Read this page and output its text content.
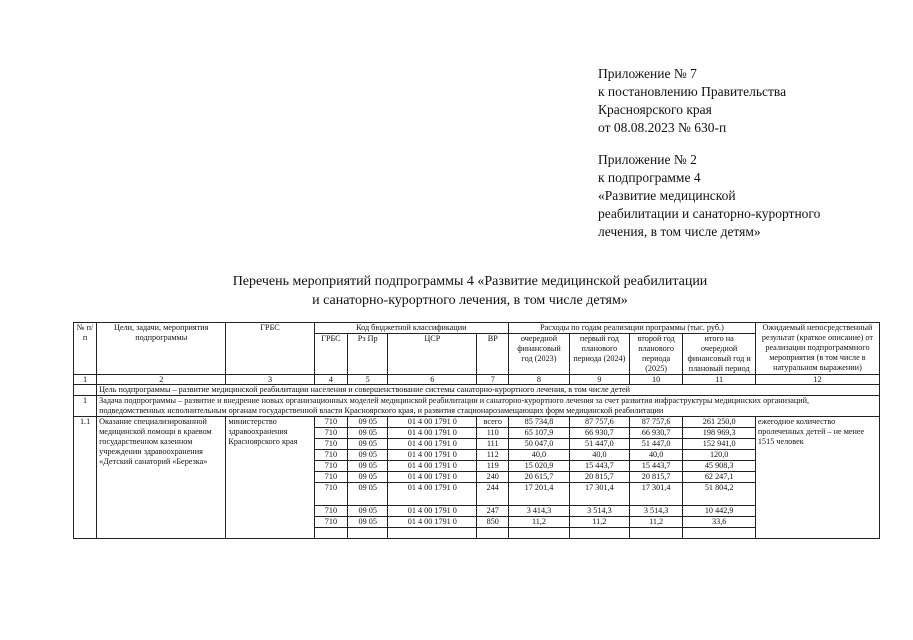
Приложение № 7
к постановлению Правительства
Красноярского края
от 08.08.2023 № 630-п
Приложение № 2
к подпрограмме 4
«Развитие медицинской
реабилитации и санаторно-курортного
лечения, в том числе детям»
Перечень мероприятий подпрограммы 4 «Развитие медицинской реабилитации
и санаторно-курортного лечения, в том числе детям»
№ п/п	Цели, задачи, мероприятия подпрограммы	ГРБС	Код бюджетной классификации				Расходы по годам реализации программы (тыс. руб.)				Ожидаемый непосредственный результат (краткое описание) от реализации подпрограммного мероприятия (в том числе в натуральном выражении)
			ГРБС	Рз Пр	ЦСР	ВР	очередной финансовый год (2023)	первый год планового периода (2024)	второй год планового периода (2025)	итого на очередной финансовый год и плановый период	
1	2	3	4	5	6	7	8	9	10	11	12
	Цель подпрограммы – развитие медицинской реабилитации населения и совершенствование системы санаторно-курортного лечения, в том числе детей										
1	Задача подпрограммы – развитие и внедрение новых организационных моделей медицинской реабилитации и санаторно-курортного лечения за счет развития инфраструктуры медицинских организаций, подведомственных исполнительным органам государственной власти Красноярского края, и развития стационарозамещающих форм медицинской реабилитации										
1.1	Оказание специализированной медицинской помощи в краевом государственном казенном учреждении здравоохранения «Детский санаторий «Березка»	министерство здравоохранения Красноярского края	710	09 05	01 4 00 1791 0	всего	85 734,8	87 757,6	87 757,6	261 250,0	ежегодное количество пролеченных детей – не менее 1515 человек
			710	09 05	01 4 00 1791 0	110	65 107,9	66 930,7	66 930,7	198 969,3	
			710	09 05	01 4 00 1791 0	111	50 047,0	51 447,0	51 447,0	152 941,0	
			710	09 05	01 4 00 1791 0	112	40,0	40,0	40,0	120,0	
			710	09 05	01 4 00 1791 0	119	15 020,9	15 443,7	15 443,7	45 908,3	
			710	09 05	01 4 00 1791 0	240	20 615,7	20 815,7	20 815,7	62 247,1	
			710	09 05	01 4 00 1791 0	244	17 201,4	17 301,4	17 301,4	51 804,2	
			710	09 05	01 4 00 1791 0	247	3 414,3	3 514,3	3 514,3	10 442,9	
			710	09 05	01 4 00 1791 0	850	11,2	11,2	11,2	33,6	
